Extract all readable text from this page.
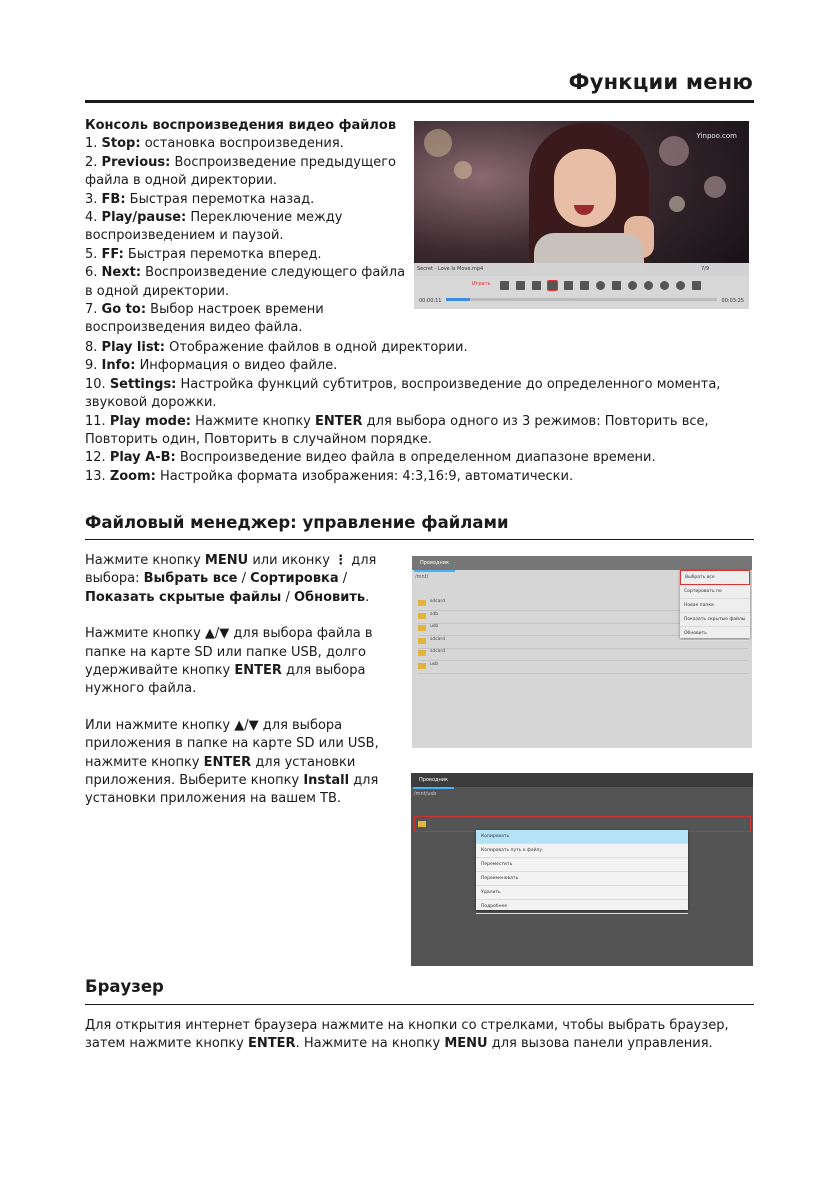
Функции меню

Консоль воспроизведения видео файлов

1. Stop: остановка воспроизведения.

2. Previous: Воспроизведение предыдущего файла в одной директории.

3. FB: Быстрая перемотка назад.

4. Play/pause: Переключение между воспроизведением и паузой.

5. FF: Быстрая перемотка вперед.

6. Next: Воспроизведение следующего файла в одной директории.

7. Go to: Выбор настроек времени воспроизведения видео файла.

8. Play list: Отображение файлов в одной директории.

9. Info: Информация о видео файле.

10. Settings: Настройка функций субтитров, воспроизведение до определенного момента, звуковой дорожки.

11. Play mode: Нажмите кнопку ENTER для выбора одного из 3 режимов: Повторить все, Повторить один, Повторить в случайном порядке.

12. Play A-B: Воспроизведение видео файла в определенном диапазоне времени.

13. Zoom: Настройка формата изображения: 4:3,16:9, автоматически.

Yinpoo.com
Secret - Love Is Move.mp4	7/9
Играть
00:00:11	00:03:25
Файловый менеджер: управление файлами

Нажмите кнопку MENU или иконку ⋮ для выбора: Выбрать все / Сортировка / Показать скрытые файлы / Обновить.

Нажмите кнопку ▲/▼ для выбора файла в папке на карте SD или папке USB, долго удерживайте кнопку ENTER для выбора нужного файла.

Или нажмите кнопку ▲/▼ для выбора приложения в папке на карте SD или USB, нажмите кнопку ENTER для установки приложения. Выберите кнопку Install для установки приложения на вашем ТВ.

Проводник
/mnt/
sdcard
sdb
usb
sdcard
sdcard
usb
Выбрать все
Сортировать по
Новая папка
Показать скрытые файлы
Обновить
Проводник
/mnt/usb
Копировать
Копировать путь к файлу
Переместить
Переименовать
Удалить
Подробнее
Браузер
Для открытия интернет браузера нажмите на кнопки со стрелками, чтобы выбрать браузер, затем нажмите кнопку ENTER. Нажмите на кнопку MENU для вызова панели управления.
